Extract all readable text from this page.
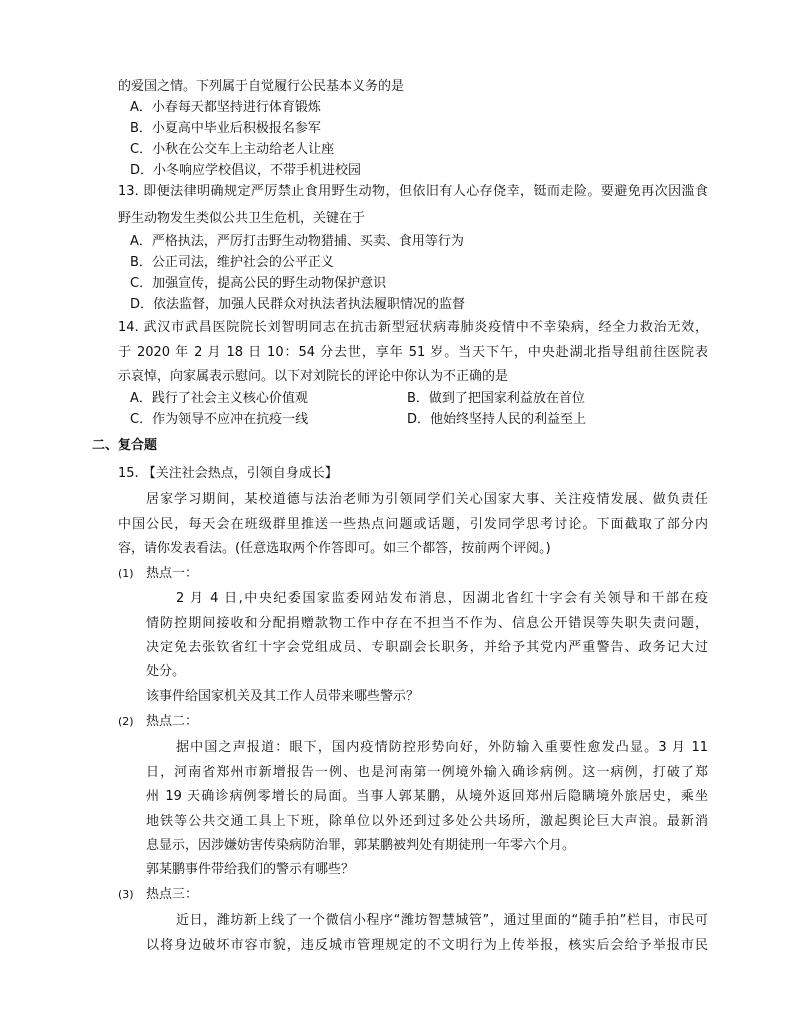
的爱国之情。下列属于自觉履行公民基本义务的是
A．小春每天都坚持进行体育锻炼
B．小夏高中毕业后积极报名参军
C．小秋在公交车上主动给老人让座
D．小冬响应学校倡议，不带手机进校园
13. 即便法律明确规定严厉禁止食用野生动物，但依旧有人心存侥幸，铤而走险。要避免再次因滥食
野生动物发生类似公共卫生危机，关键在于
A．严格执法，严厉打击野生动物猎捕、买卖、食用等行为
B．公正司法，维护社会的公平正义
C．加强宣传，提高公民的野生动物保护意识
D．依法监督，加强人民群众对执法者执法履职情况的监督
14. 武汉市武昌医院院长刘智明同志在抗击新型冠状病毒肺炎疫情中不幸染病，经全力救治无效，
于 2020 年 2 月 18 日 10：54 分去世，享年 51 岁。当天下午，中央赴湖北指导组前往医院表
示哀悼，向家属表示慰问。以下对刘院长的评论中你认为不正确的是
A．践行了社会主义核心价值观	B．做到了把国家利益放在首位
C．作为领导不应冲在抗疫一线	D．他始终坚持人民的利益至上
二、复合题
15. 【关注社会热点，引领自身成长】
居家学习期间，某校道德与法治老师为引领同学们关心国家大事、关注疫情发展、做负责任
中国公民，每天会在班级群里推送一些热点问题或话题，引发同学思考讨论。下面截取了部分内
容，请你发表看法。(任意选取两个作答即可。如三个都答，按前两个评阅。)
(1) 热点一：
2 月 4 日,中央纪委国家监委网站发布消息，因湖北省红十字会有关领导和干部在疫
情防控期间接收和分配捐赠款物工作中存在不担当不作为、信息公开错误等失职失责问题，
决定免去张钦省红十字会党组成员、专职副会长职务，并给予其党内严重警告、政务记大过
处分。
该事件给国家机关及其工作人员带来哪些警示？
(2) 热点二：
据中国之声报道：眼下，国内疫情防控形势向好，外防输入重要性愈发凸显。3 月 11
日，河南省郑州市新增报告一例、也是河南第一例境外输入确诊病例。这一病例，打破了郑
州 19 天确诊病例零增长的局面。当事人郭某鹏，从境外返回郑州后隐瞒境外旅居史，乘坐
地铁等公共交通工具上下班，除单位以外还到过多处公共场所，激起舆论巨大声浪。最新消
息显示，因涉嫌妨害传染病防治罪，郭某鹏被判处有期徒刑一年零六个月。
郭某鹏事件带给我们的警示有哪些？
(3) 热点三：
近日，潍坊新上线了一个微信小程序“潍坊智慧城管”，通过里面的“随手拍”栏目，市民可
以将身边破坏市容市貌，违反城市管理规定的不文明行为上传举报，核实后会给予举报市民
